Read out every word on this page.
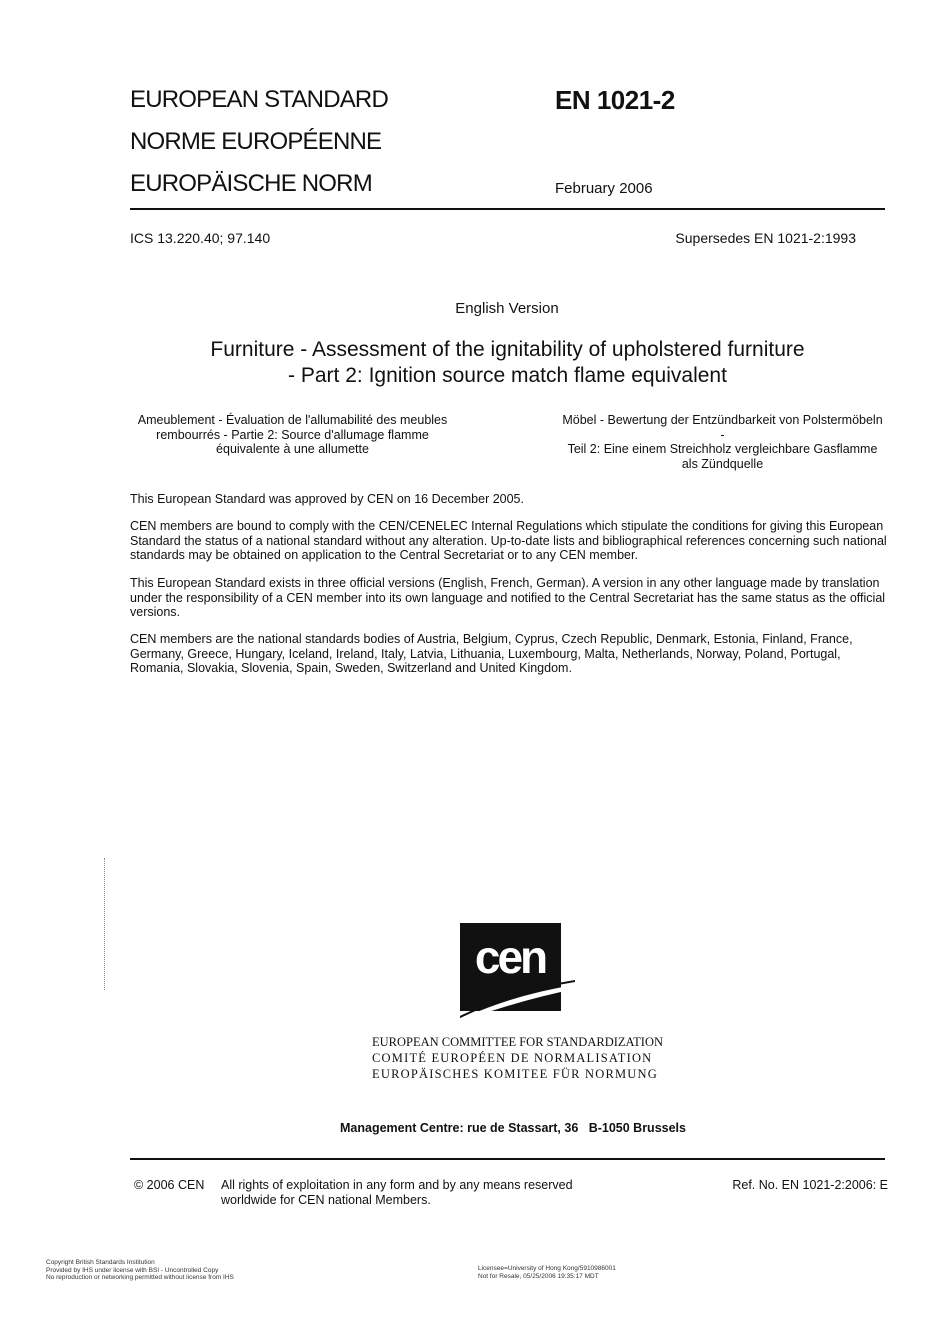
EUROPEAN STANDARD
NORME EUROPÉENNE
EUROPÄISCHE NORM
EN 1021-2
February 2006
ICS 13.220.40; 97.140	Supersedes EN 1021-2:1993
English Version
Furniture - Assessment of the ignitability of upholstered furniture
- Part 2: Ignition source match flame equivalent
Ameublement - Évaluation de l'allumabilité des meubles
rembourrés - Partie 2: Source d'allumage flamme
équivalente à une allumette
Möbel - Bewertung der Entzündbarkeit von Polstermöbeln -
Teil 2: Eine einem Streichholz vergleichbare Gasflamme
als Zündquelle
This European Standard was approved by CEN on 16 December 2005.
CEN members are bound to comply with the CEN/CENELEC Internal Regulations which stipulate the conditions for giving this European Standard the status of a national standard without any alteration. Up-to-date lists and bibliographical references concerning such national standards may be obtained on application to the Central Secretariat or to any CEN member.
This European Standard exists in three official versions (English, French, German). A version in any other language made by translation under the responsibility of a CEN member into its own language and notified to the Central Secretariat has the same status as the official versions.
CEN members are the national standards bodies of Austria, Belgium, Cyprus, Czech Republic, Denmark, Estonia, Finland, France, Germany, Greece, Hungary, Iceland, Ireland, Italy, Latvia, Lithuania, Luxembourg, Malta, Netherlands, Norway, Poland, Portugal, Romania, Slovakia, Slovenia, Spain, Sweden, Switzerland and United Kingdom.
cen
EUROPEAN COMMITTEE FOR STANDARDIZATION
COMITÉ EUROPÉEN DE NORMALISATION
EUROPÄISCHES KOMITEE FÜR NORMUNG
Management Centre: rue de Stassart, 36   B-1050 Brussels
© 2006 CEN All rights of exploitation in any form and by any means reserved
worldwide for CEN national Members.
Ref. No. EN 1021-2:2006: E
Copyright British Standards Institution
Provided by IHS under license with BSI - Uncontrolled Copy
No reproduction or networking permitted without license from IHS
Licensee=University of Hong Kong/5910986001
Not for Resale, 05/25/2006 19:35:17 MDT
